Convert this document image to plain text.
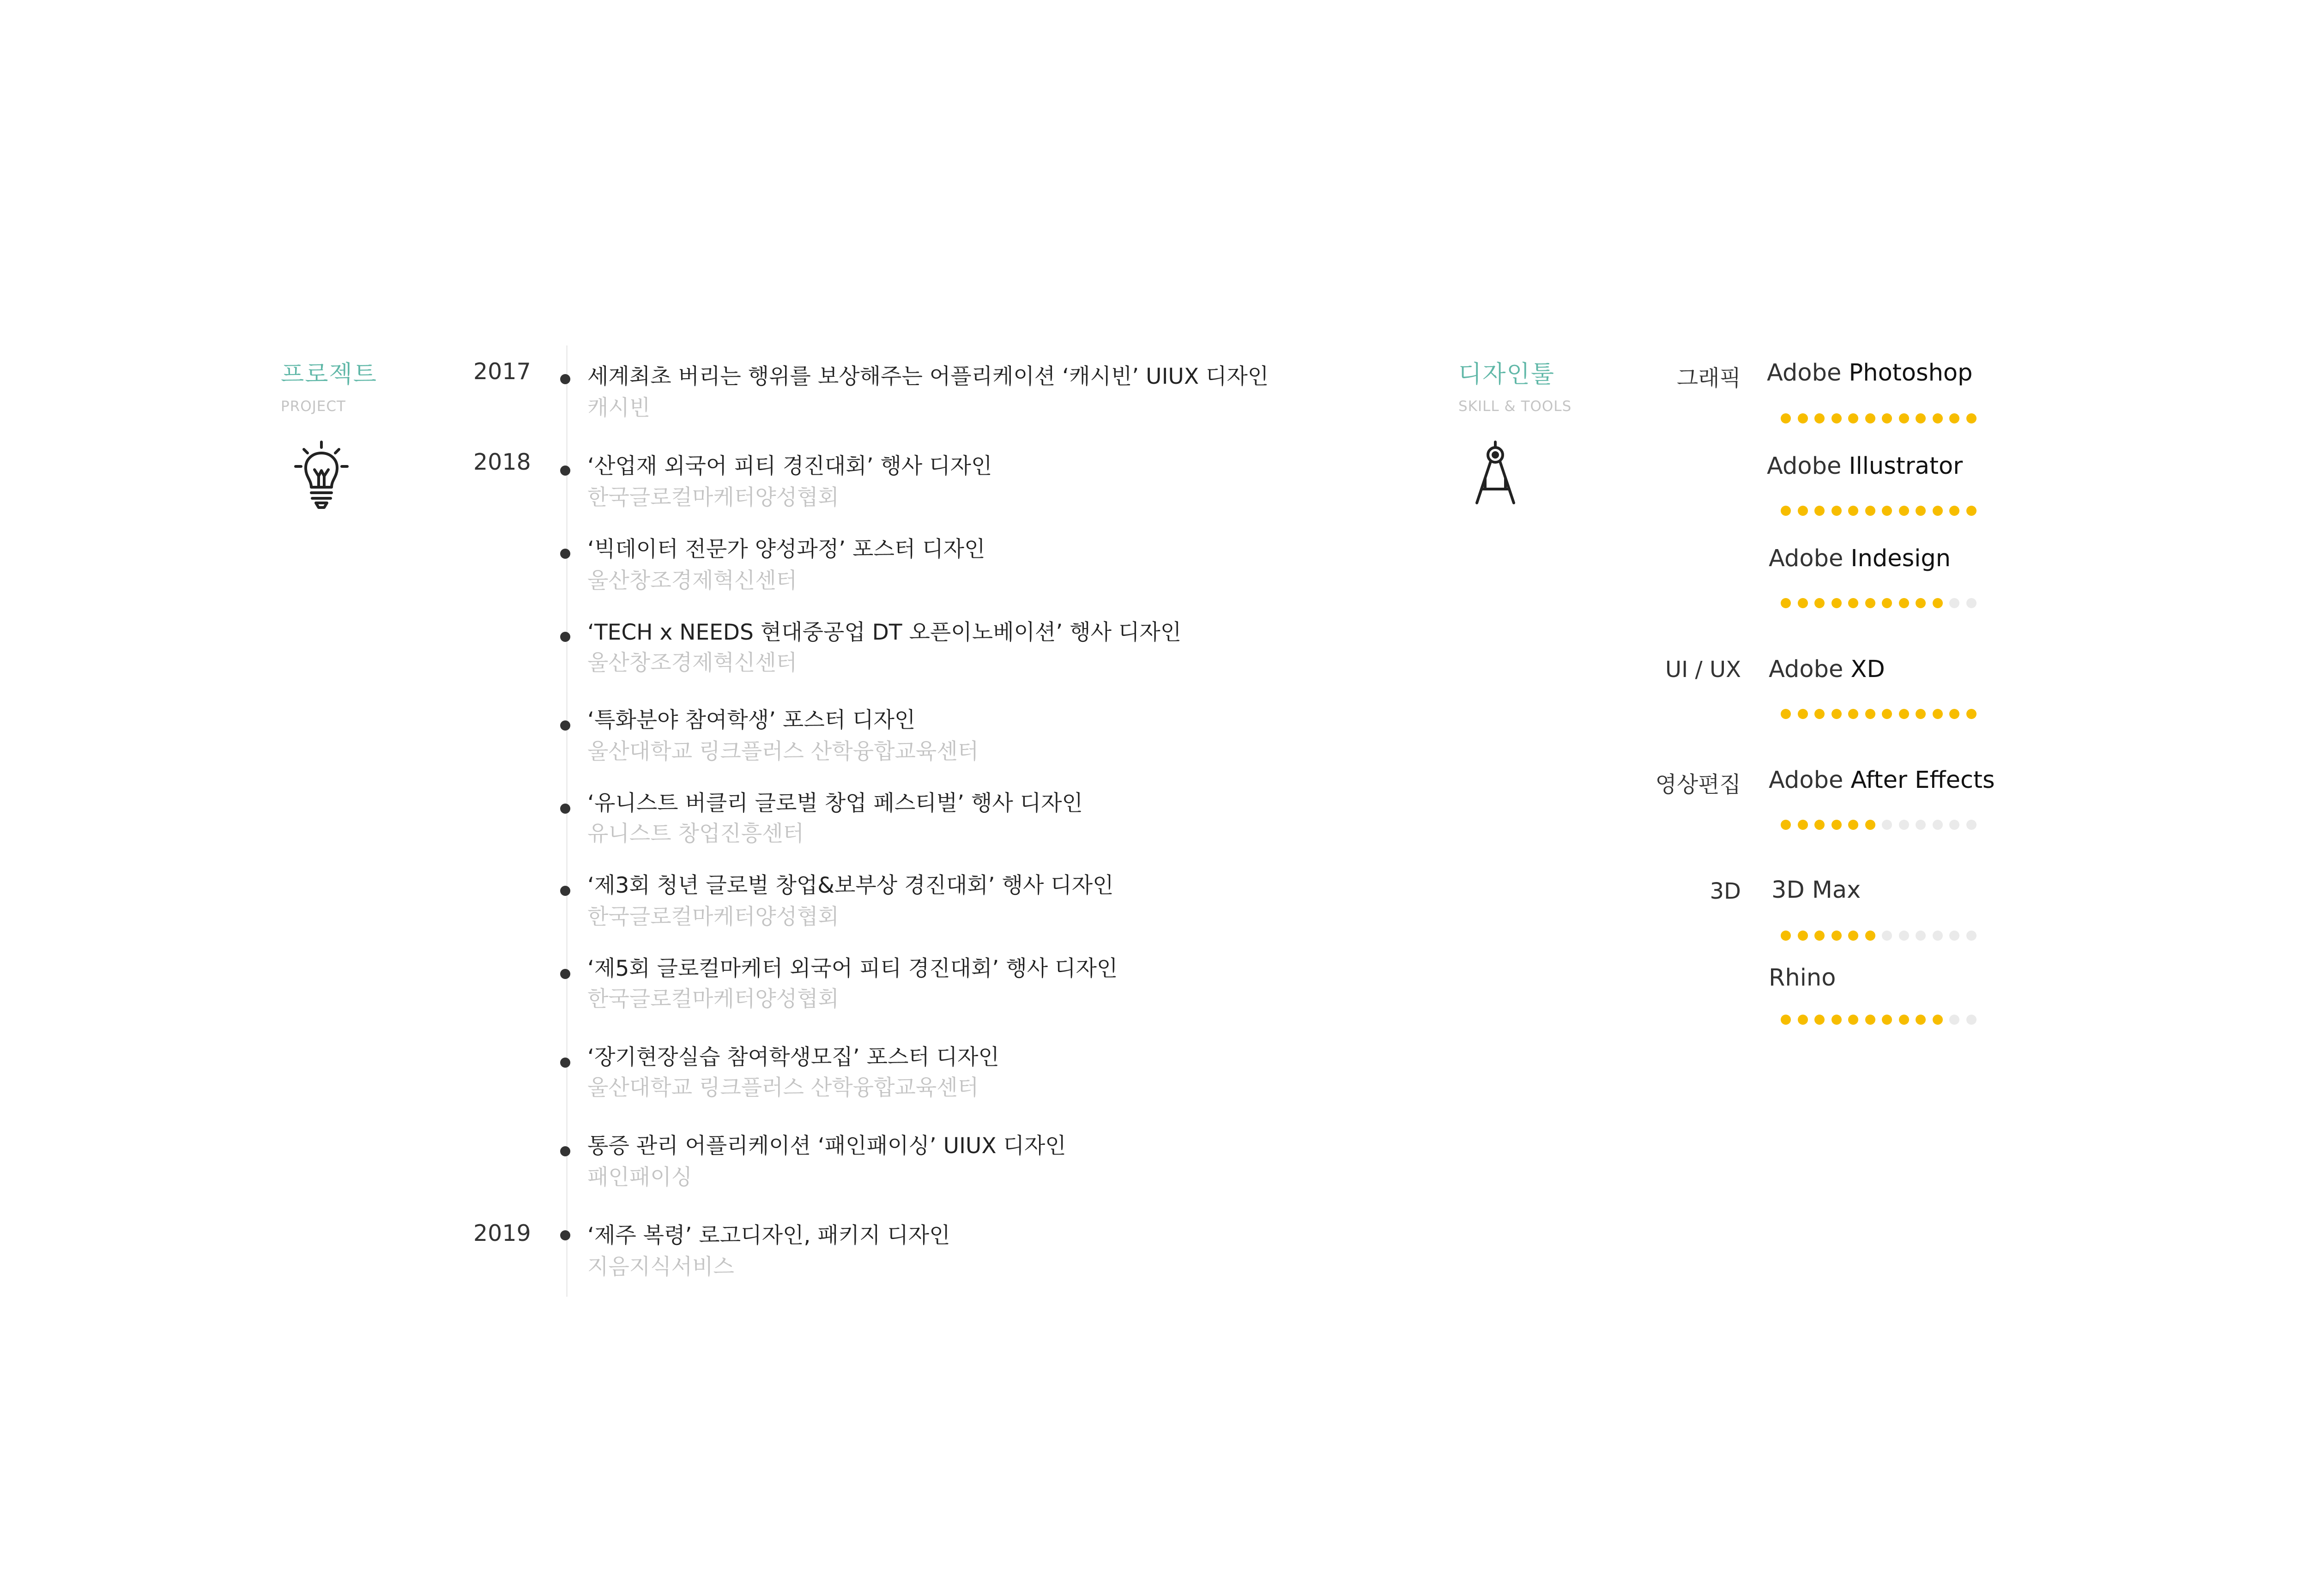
프로젝트
PROJECT
2017
2018
2019
세계최초 버리는 행위를 보상해주는 어플리케이션 ‘캐시빈’ UIUX 디자인
캐시빈
‘산업재 외국어 피티 경진대회’ 행사 디자인
한국글로컬마케터양성협회
‘빅데이터 전문가 양성과정’ 포스터 디자인
울산창조경제혁신센터
‘TECH x NEEDS 현대중공업 DT 오픈이노베이션’ 행사 디자인
울산창조경제혁신센터
‘특화분야 참여학생’ 포스터 디자인
울산대학교 링크플러스 산학융합교육센터
‘유니스트 버클리 글로벌 창업 페스티벌’ 행사 디자인
유니스트 창업진흥센터
‘제3회 청년 글로벌 창업&보부상 경진대회’ 행사 디자인
한국글로컬마케터양성협회
‘제5회 글로컬마케터 외국어 피티 경진대회’ 행사 디자인
한국글로컬마케터양성협회
‘장기현장실습 참여학생모집’ 포스터 디자인
울산대학교 링크플러스 산학융합교육센터
통증 관리 어플리케이션 ‘패인패이싱’ UIUX 디자인
패인패이싱
‘제주 복령’ 로고디자인, 패키지 디자인
지음지식서비스
디자인툴
SKILL & TOOLS
그래픽
UI / UX
영상편집
3D
Adobe Photoshop
Adobe Illustrator
Adobe Indesign
Adobe XD
Adobe After Effects
3D Max
Rhino
